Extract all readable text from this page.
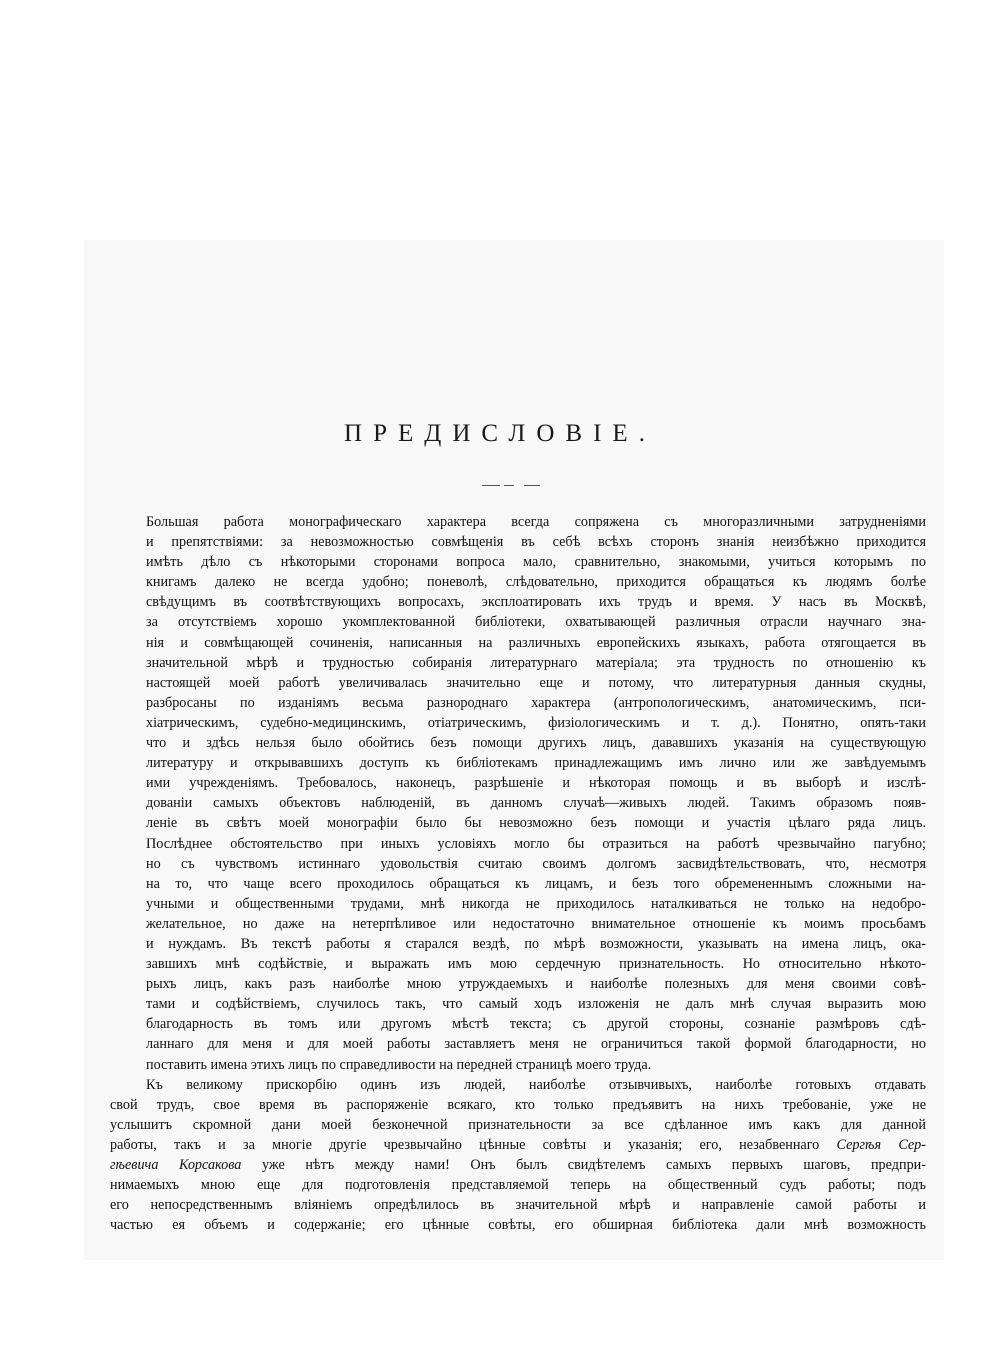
ПРЕДИСЛОВІЕ.

Большая работа монографическаго характера всегда сопряжена съ многоразличными затрудненіями
и препятствіями: за невозможностью совмѣщенія въ себѣ всѣхъ сторонъ знанія неизбѣжно приходится
имѣть дѣло съ нѣкоторыми сторонами вопроса мало, сравнительно, знакомыми, учиться которымъ по
книгамъ далеко не всегда удобно; поневолѣ, слѣдовательно, приходится обращаться къ людямъ болѣе
свѣдущимъ въ соотвѣтствующихъ вопросахъ, эксплоатировать ихъ трудъ и время. У насъ въ Москвѣ,
за отсутствіемъ хорошо укомплектованной библіотеки, охватывающей различныя отрасли научнаго зна-
нія и совмѣщающей сочиненія, написанныя на различныхъ европейскихъ языкахъ, работа отягощается въ
значительной мѣрѣ и трудностью собиранія литературнаго матеріала; эта трудность по отношенію къ
настоящей моей работѣ увеличивалась значительно еще и потому, что литературныя данныя скудны,
разбросаны по изданіямъ весьма разнороднаго характера (антропологическимъ, анатомическимъ, пси-
хіатрическимъ, судебно-медицинскимъ, отіатрическимъ, физіологическимъ и т. д.). Понятно, опять-таки
что и здѣсь нельзя было обойтись безъ помощи другихъ лицъ, дававшихъ указанія на существующую
литературу и открывавшихъ доступъ къ библіотекамъ принадлежащимъ имъ лично или же завѣдуемымъ
ими учрежденіямъ. Требовалось, наконецъ, разрѣшеніе и нѣкоторая помощь и въ выборѣ и изслѣ-
дованіи самыхъ объектовъ наблюденій, въ данномъ случаѣ—живыхъ людей. Такимъ образомъ появ-
леніе въ свѣтъ моей монографіи было бы невозможно безъ помощи и участія цѣлаго ряда лицъ.
Послѣднее обстоятельство при иныхъ условіяхъ могло бы отразиться на работѣ чрезвычайно пагубно;
но съ чувствомъ истиннаго удовольствія считаю своимъ долгомъ засвидѣтельствовать, что, несмотря
на то, что чаще всего проходилось обращаться къ лицамъ, и безъ того обремененнымъ сложными на-
учными и общественными трудами, мнѣ никогда не приходилось наталкиваться не только на недобро-
желательное, но даже на нетерпѣливое или недостаточно внимательное отношеніе къ моимъ просьбамъ
и нуждамъ. Въ текстѣ работы я старался вездѣ, по мѣрѣ возможности, указывать на имена лицъ, ока-
завшихъ мнѣ содѣйствіе, и выражать имъ мою сердечную признательность. Но относительно нѣкото-
рыхъ лицъ, какъ разъ наиболѣе мною утруждаемыхъ и наиболѣе полезныхъ для меня своими совѣ-
тами и содѣйствіемъ, случилось такъ, что самый ходъ изложенія не далъ мнѣ случая выразить мою
благодарность въ томъ или другомъ мѣстѣ текста; съ другой стороны, сознаніе размѣровъ сдѣ-
ланнаго для меня и для моей работы заставляетъ меня не ограничиться такой формой благодарности, но
поставить имена этихъ лицъ по справедливости на передней страницѣ моего труда.

Къ великому прискорбію одинъ изъ людей, наиболѣе отзывчивыхъ, наиболѣе готовыхъ отдавать
свой трудъ, свое время въ распоряженіе всякаго, кто только предъявитъ на нихъ требованіе, уже не
услышитъ скромной дани моей безконечной признательности за все сдѣланное имъ какъ для данной
работы, такъ и за многіе другіе чрезвычайно цѣнные совѣты и указанія; его, незабвеннаго Сергѣя Сер-
гѣевича Корсакова уже нѣтъ между нами! Онъ былъ свидѣтелемъ самыхъ первыхъ шаговъ, предпри-
нимаемыхъ мною еще для подготовленія представляемой теперь на общественный судъ работы; подъ
его непосредственнымъ вліяніемъ опредѣлилось въ значительной мѣрѣ и направленіе самой работы и
частью ея объемъ и содержаніе; его цѣнные совѣты, его обширная библіотека дали мнѣ возможность
